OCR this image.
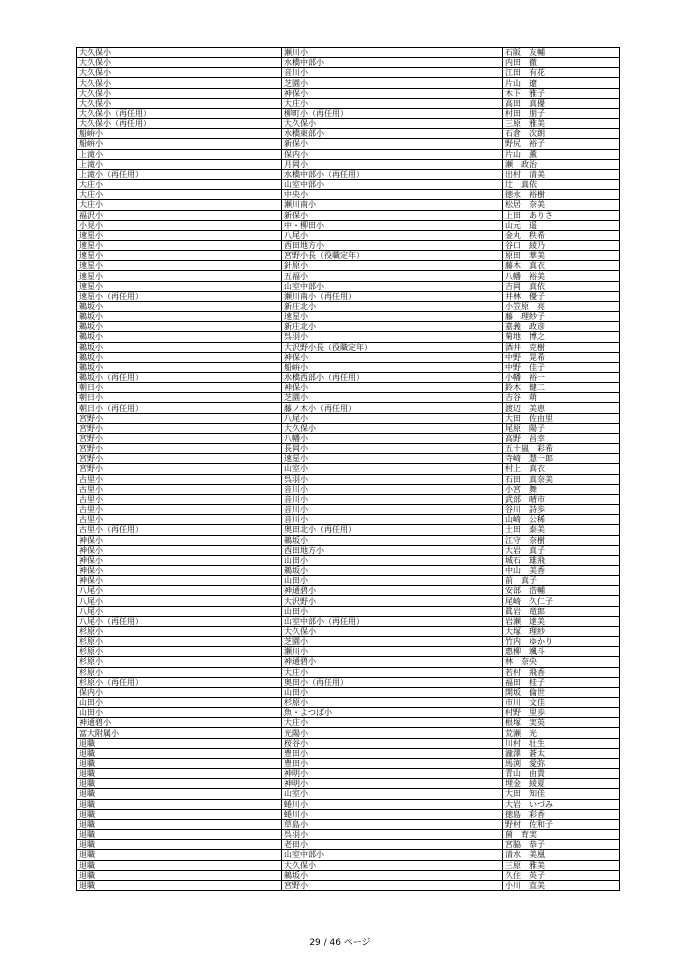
大久保小	瀬川小	石阪　友輔
大久保小	水橋中部小	内田　徹
大久保小	音川小	江田　有花
大久保小	芝園小	片山　遼
大久保小	神保小	木下　雅子
大久保小	大庄小	高田　真優
大久保小（再任用）	柳町小（再任用）	村田　朋子
大久保小（再任用）	大久保小	三原　雅美
船峅小	水橋東部小	石倉　次朗
船峅小	新保小	野尻　裕子
上滝小	保内小	片山　薫
上滝小	月岡小	瀬　政治
上滝小（再任用）	水橋中部小（再任用）	出村　清美
大庄小	山室中部小	辻　真依
大庄小	中央小	徳永　裕樹
大庄小	瀬川南小	松居　奈美
福沢小	新保小	上田　ありさ
小見小	中・柳田小	山元　遥
速星小	八尾小	金丸　秩希
速星小	西田地方小	谷口　綾乃
速星小	宮野小長（役職定年）	原田　華美
速星小	針原小	藤木　真衣
速星小	五福小	八幡　裕美
速星小	山室中部小	吉岡　真依
速星小（再任用）	瀬川南小（再任用）	井林　優子
鵜坂小	新庄北小	小笠原　亮
鵜坂小	速星小	藤　理紗子
鵜坂小	新庄北小	嘉義　政彦
鵜坂小	呉羽小	菊地　博之
鵜坂小	大沢野小長（役職定年）	酒井　克樹
鵜坂小	神保小	中野　晃希
鵜坂小	船峅小	中野　佳子
鵜坂小（再任用）	水橋西部小（再任用）	小幡　裕一
朝日小	神保小	鈴木　健二
朝日小	芝園小	吉谷　萌
朝日小（再任用）	藤ノ木小（再任用）	渡辺　美恵
宮野小	八尾小	大田　佐由里
宮野小	大久保小	尾原　陽子
宮野小	八幡小	高野　昌幸
宮野小	長岡小	五十嵐　彩希
宮野小	速星小	寺崎　慧一郎
宮野小	山室小	村上　真衣
古里小	呉羽小	石田　真奈美
古里小	音川小	小宮　舞
古里小	音川小	武部　晴市
古里小	音川小	谷川　詩歩
古里小	音川小	山崎　公稀
古里小（再任用）	奥田北小（再任用）	土田　泰美
神保小	鵜坂小	江守　奈樹
神保小	西田地方小	大岩　真子
神保小	山田小	城石　雄飛
神保小	鵜坂小	中山　美香
神保小	山田小	前　真子
八尾小	神通碧小	安部　浩輔
八尾小	大沢野小	尾崎　久仁子
八尾小	山田小	眞岩　竜郎
八尾小（再任用）	山室中部小（再任用）	岩瀬　達美
杉原小	大久保小	大塚　理紗
杉原小	芝園小	竹内　ゆかり
杉原小	瀬川小	惠柳　颯斗
杉原小	神通碧小	林　奈央
杉原小	大庄小	若村　飛香
杉原小（再任用）	奥田小（再任用）	福田　桂子
保内小	山田小	開坂　倫世
山田小	杉原小	市川　文佳
山田小	魚・よつば小	村野　里歩
神通碧小	大庄小	根塚　実英
富大附属小	光陽小	荒瀬　光
退職	桜谷小	川村　壮生
退職	豊田小	瀧澤　蒼太
退職	豊田小	馬渕　愛弥
退職	神明小	青山　由貴
退職	神明小	埋金　綾夏
退職	山室小	大田　知佳
退職	蜷川小	大岩　いづみ
退職	蜷川小	徳島　彩香
退職	草島小	野村　佐和子
退職	呉羽小	菌　育実
退職	老田小	宮脇　恭子
退職	山室中部小	清水　美凰
退職	大久保小	三原　雅美
退職	鵜坂小	久住　英子
退職	宮野小	小川　直美
29 / 46 ページ
